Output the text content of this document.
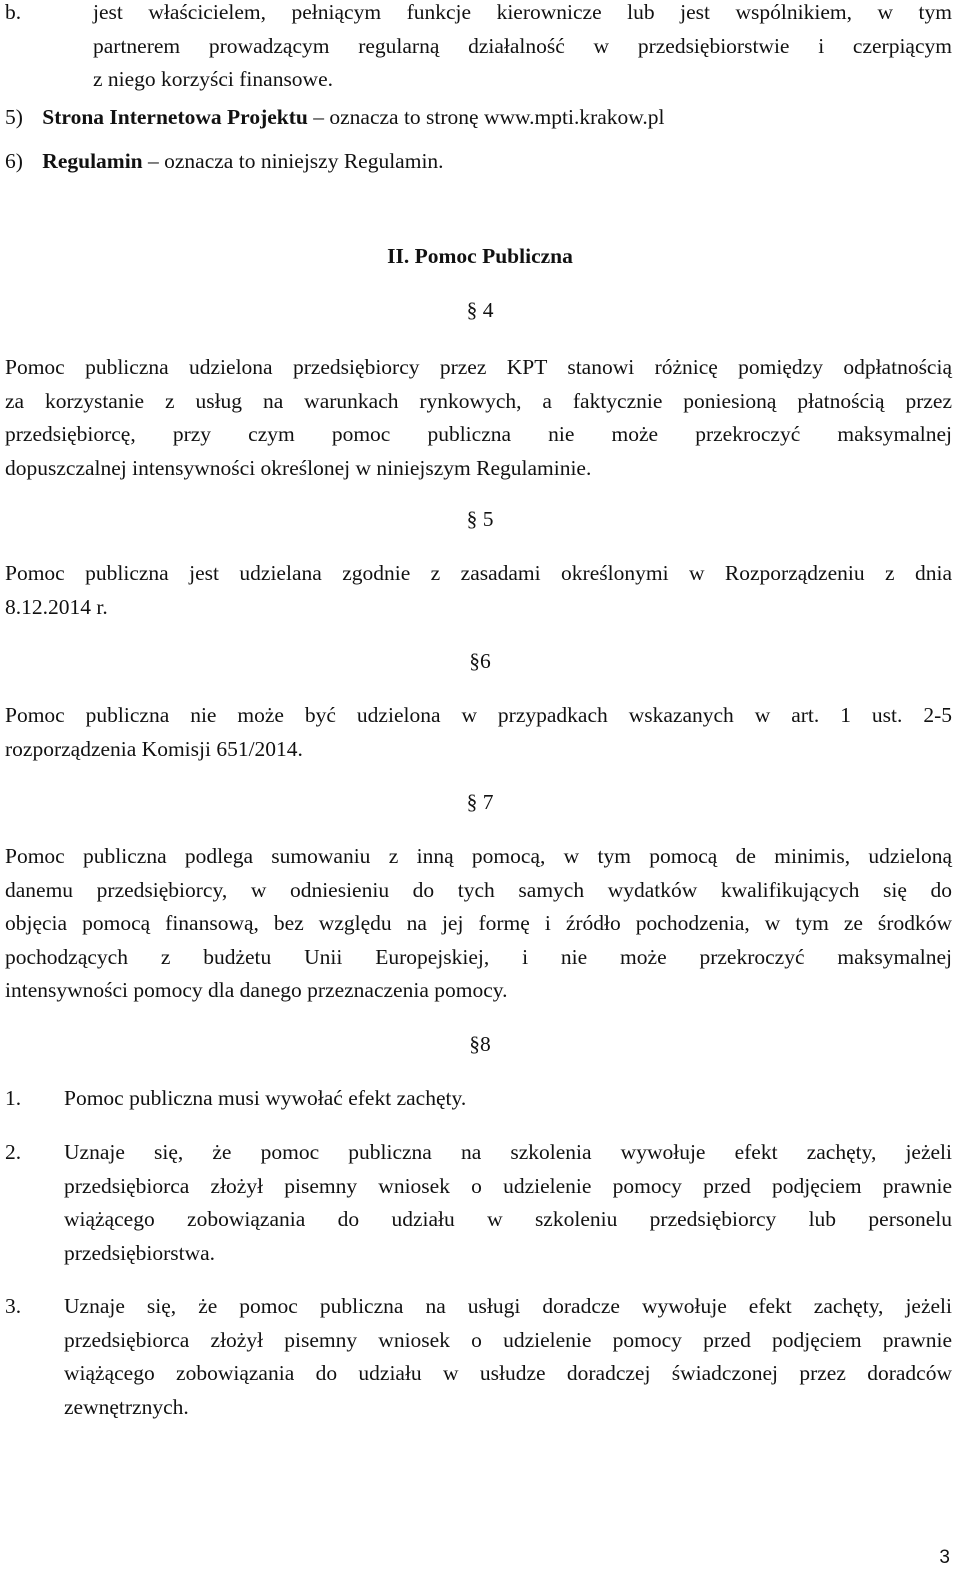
b.	jest właścicielem, pełniącym funkcje kierownicze lub jest wspólnikiem, w tym
partnerem prowadzącym regularną działalność w przedsiębiorstwie i czerpiącym
z niego korzyści finansowe.
5) Strona Internetowa Projektu – oznacza to stronę www.mpti.krakow.pl
6) Regulamin – oznacza to niniejszy Regulamin.
II. Pomoc Publiczna
§ 4
Pomoc publiczna udzielona przedsiębiorcy przez KPT stanowi różnicę pomiędzy odpłatnością
za korzystanie z usług na warunkach rynkowych, a faktycznie poniesioną płatnością przez
przedsiębiorcę, przy czym pomoc publiczna nie może przekroczyć maksymalnej
dopuszczalnej intensywności określonej w niniejszym Regulaminie.
§ 5
Pomoc publiczna jest udzielana zgodnie z zasadami określonymi w Rozporządzeniu z dnia
8.12.2014 r.
§6
Pomoc publiczna nie może być udzielona w przypadkach wskazanych w art. 1 ust. 2-5
rozporządzenia Komisji 651/2014.
§ 7
Pomoc publiczna podlega sumowaniu z inną pomocą, w tym pomocą de minimis, udzieloną
danemu przedsiębiorcy, w odniesieniu do tych samych wydatków kwalifikujących się do
objęcia pomocą finansową, bez względu na jej formę i źródło pochodzenia, w tym ze środków
pochodzących z budżetu Unii Europejskiej, i nie może przekroczyć maksymalnej
intensywności pomocy dla danego przeznaczenia pomocy.
§8
1. Pomoc publiczna musi wywołać efekt zachęty.
2. Uznaje się, że pomoc publiczna na szkolenia wywołuje efekt zachęty, jeżeli
przedsiębiorca złożył pisemny wniosek o udzielenie pomocy przed podjęciem prawnie
wiążącego zobowiązania do udziału w szkoleniu przedsiębiorcy lub personelu
przedsiębiorstwa.
3. Uznaje się, że pomoc publiczna na usługi doradcze wywołuje efekt zachęty, jeżeli
przedsiębiorca złożył pisemny wniosek o udzielenie pomocy przed podjęciem prawnie
wiążącego zobowiązania do udziału w usłudze doradczej świadczonej przez doradców
zewnętrznych.
3
